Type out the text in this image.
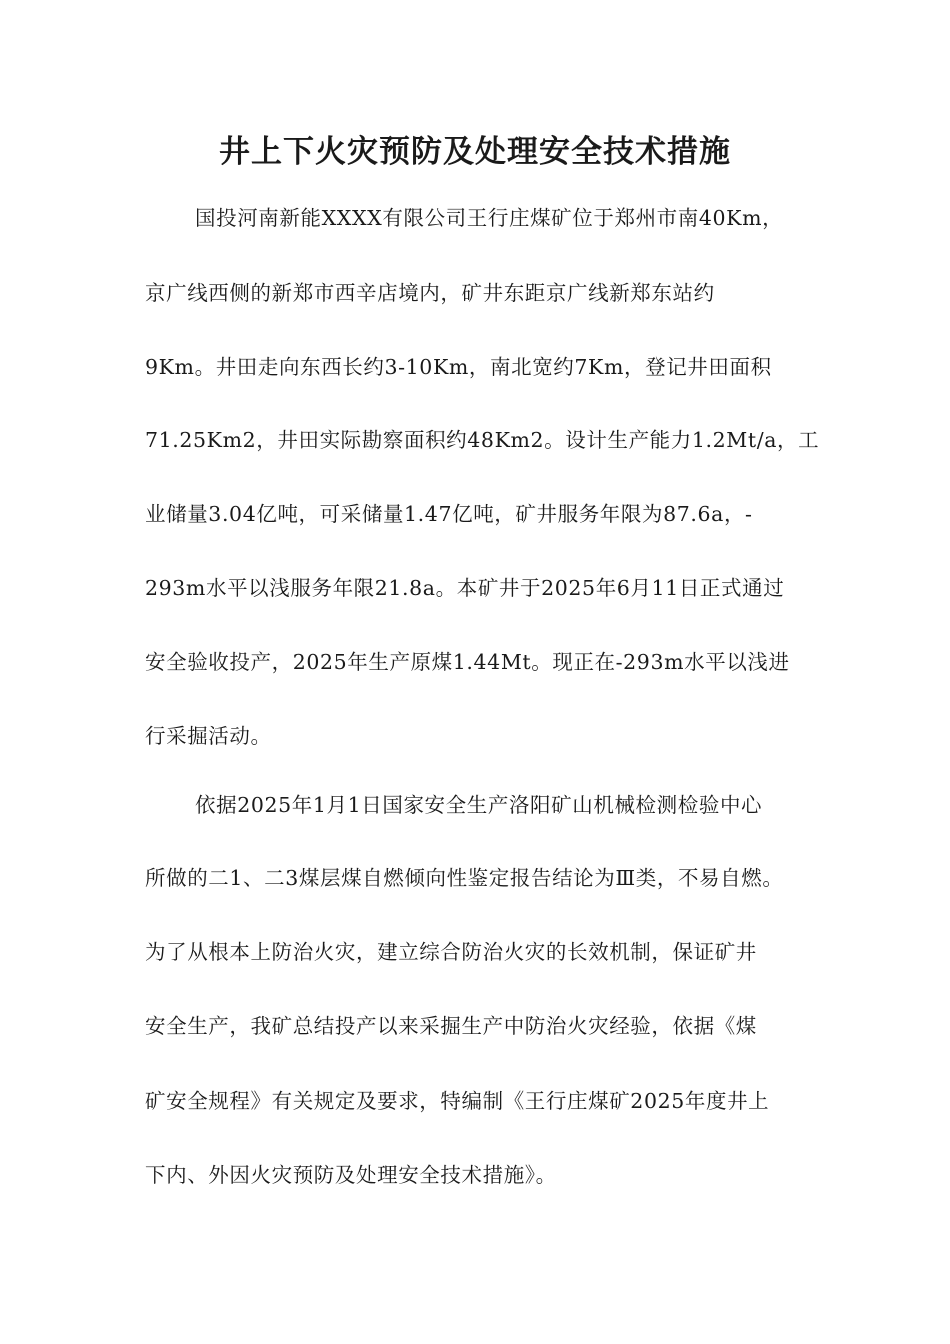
井上下火灾预防及处理安全技术措施
国投河南新能XXXX有限公司王行庄煤矿位于郑州市南40Km，
京广线西侧的新郑市西辛店境内，矿井东距京广线新郑东站约
9Km。井田走向东西长约3-10Km，南北宽约7Km，登记井田面积
71.25Km2，井田实际勘察面积约48Km2。设计生产能力1.2Mt/a，工
业储量3.04亿吨，可采储量1.47亿吨，矿井服务年限为87.6a，-
293m水平以浅服务年限21.8a。本矿井于2025年6月11日正式通过
安全验收投产，2025年生产原煤1.44Mt。现正在-293m水平以浅进
行采掘活动。
依据2025年1月1日国家安全生产洛阳矿山机械检测检验中心
所做的二1、二3煤层煤自燃倾向性鉴定报告结论为Ⅲ类，不易自燃。
为了从根本上防治火灾，建立综合防治火灾的长效机制，保证矿井
安全生产，我矿总结投产以来采掘生产中防治火灾经验，依据《煤
矿安全规程》有关规定及要求，特编制《王行庄煤矿2025年度井上
下内、外因火灾预防及处理安全技术措施》。
